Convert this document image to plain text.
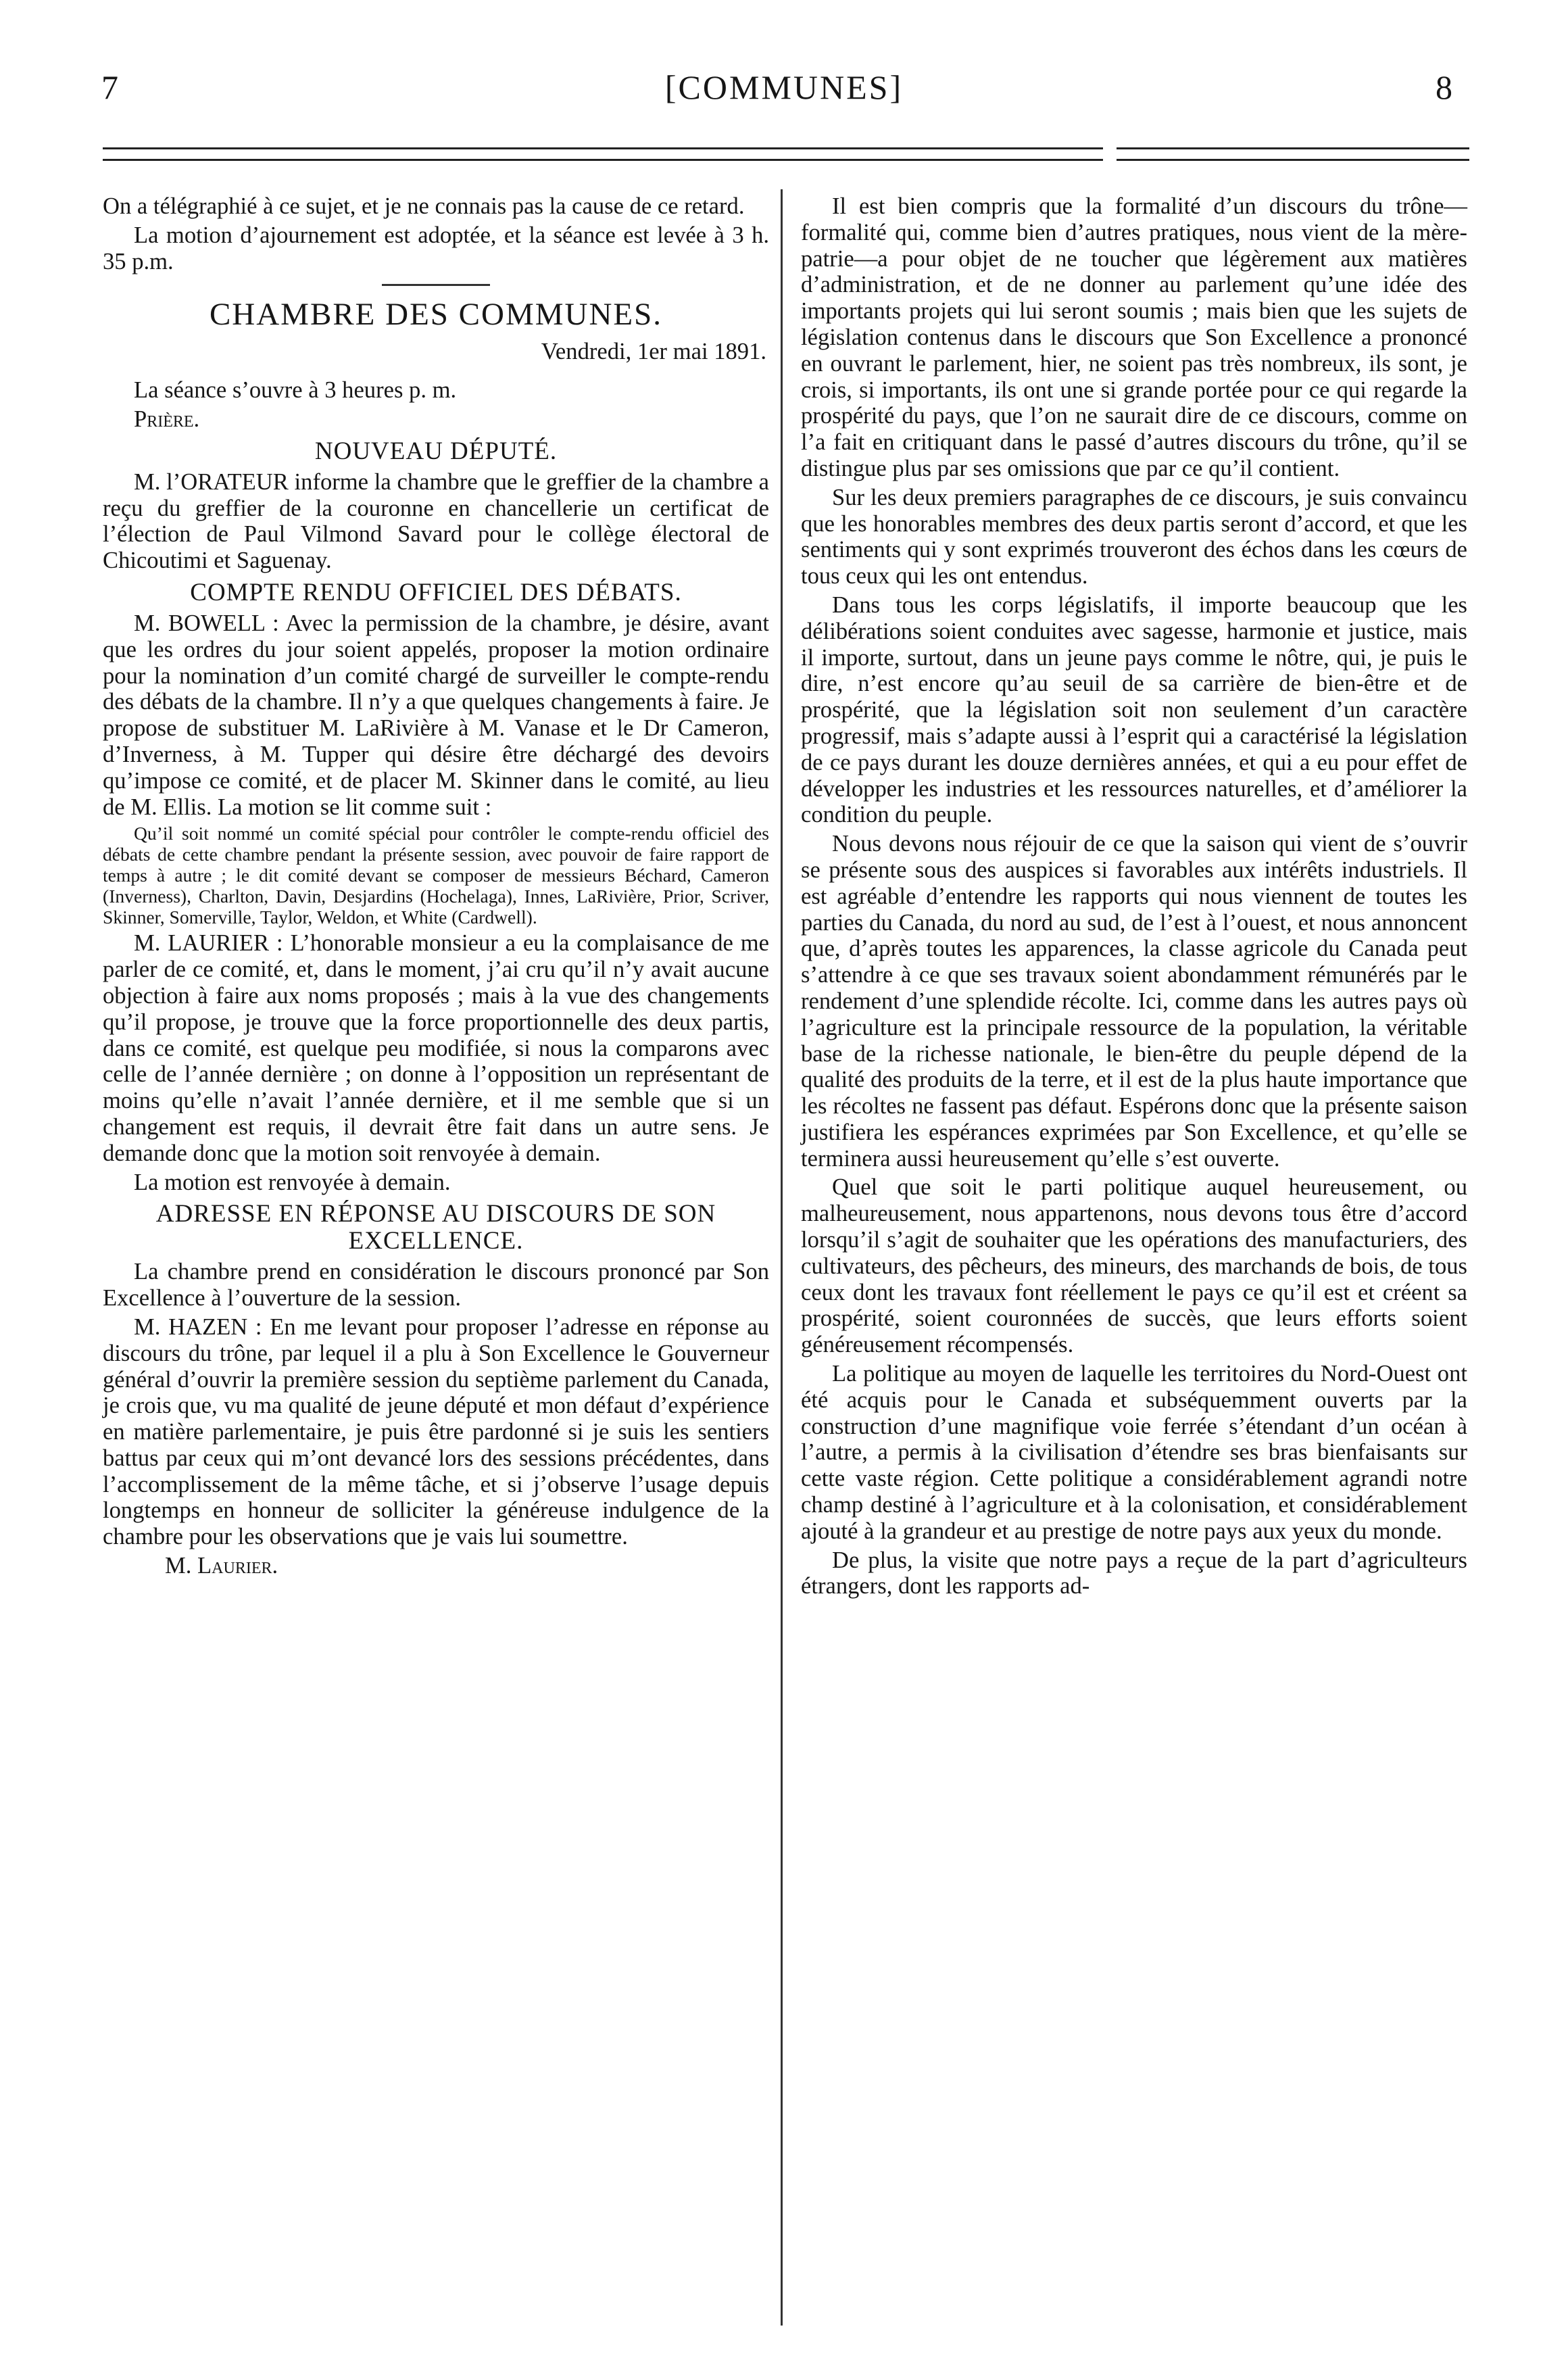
7	[COMMUNES]	8

On a télégraphié à ce sujet, et je ne connais pas la cause de ce retard.

La motion d’ajournement est adoptée, et la séance est levée à 3 h. 35 p.m.

CHAMBRE DES COMMUNES.
Vendredi, 1er mai 1891.

La séance s’ouvre à 3 heures p. m.

Prière.

NOUVEAU DÉPUTÉ.

M. l’ORATEUR informe la chambre que le greffier de la chambre a reçu du greffier de la couronne en chancellerie un certificat de l’élection de Paul Vilmond Savard pour le collège électoral de Chicoutimi et Saguenay.

COMPTE RENDU OFFICIEL DES DÉBATS.

M. BOWELL : Avec la permission de la chambre, je désire, avant que les ordres du jour soient appelés, proposer la motion ordinaire pour la nomination d’un comité chargé de surveiller le compte-rendu des débats de la chambre. Il n’y a que quelques changements à faire. Je propose de substituer M. LaRivière à M. Vanase et le Dr Cameron, d’Inverness, à M. Tupper qui désire être déchargé des devoirs qu’impose ce comité, et de placer M. Skinner dans le comité, au lieu de M. Ellis. La motion se lit comme suit :

Qu’il soit nommé un comité spécial pour contrôler le compte-rendu officiel des débats de cette chambre pendant la présente session, avec pouvoir de faire rapport de temps à autre ; le dit comité devant se composer de messieurs Béchard, Cameron (Inverness), Charlton, Davin, Desjardins (Hochelaga), Innes, LaRivière, Prior, Scriver, Skinner, Somerville, Taylor, Weldon, et White (Cardwell).

M. LAURIER : L’honorable monsieur a eu la complaisance de me parler de ce comité, et, dans le moment, j’ai cru qu’il n’y avait aucune objection à faire aux noms proposés ; mais à la vue des changements qu’il propose, je trouve que la force proportionnelle des deux partis, dans ce comité, est quelque peu modifiée, si nous la comparons avec celle de l’année dernière ; on donne à l’opposition un représentant de moins qu’elle n’avait l’année dernière, et il me semble que si un changement est requis, il devrait être fait dans un autre sens. Je demande donc que la motion soit renvoyée à demain.

La motion est renvoyée à demain.

ADRESSE EN RÉPONSE AU DISCOURS DE SON EXCELLENCE.

La chambre prend en considération le discours prononcé par Son Excellence à l’ouverture de la session.

M. HAZEN : En me levant pour proposer l’adresse en réponse au discours du trône, par lequel il a plu à Son Excellence le Gouverneur général d’ouvrir la première session du septième parlement du Canada, je crois que, vu ma qualité de jeune député et mon défaut d’expérience en matière parlementaire, je puis être pardonné si je suis les sentiers battus par ceux qui m’ont devancé lors des sessions précédentes, dans l’accomplissement de la même tâche, et si j’observe l’usage depuis longtemps en honneur de solliciter la généreuse indulgence de la chambre pour les observations que je vais lui soumettre.

M. Laurier.

Il est bien compris que la formalité d’un discours du trône—formalité qui, comme bien d’autres pratiques, nous vient de la mère-patrie—a pour objet de ne toucher que légèrement aux matières d’administration, et de ne donner au parlement qu’une idée des importants projets qui lui seront soumis ; mais bien que les sujets de législation contenus dans le discours que Son Excellence a prononcé en ouvrant le parlement, hier, ne soient pas très nombreux, ils sont, je crois, si importants, ils ont une si grande portée pour ce qui regarde la prospérité du pays, que l’on ne saurait dire de ce discours, comme on l’a fait en critiquant dans le passé d’autres discours du trône, qu’il se distingue plus par ses omissions que par ce qu’il contient.

Sur les deux premiers paragraphes de ce discours, je suis convaincu que les honorables membres des deux partis seront d’accord, et que les sentiments qui y sont exprimés trouveront des échos dans les cœurs de tous ceux qui les ont entendus.

Dans tous les corps législatifs, il importe beaucoup que les délibérations soient conduites avec sagesse, harmonie et justice, mais il importe, surtout, dans un jeune pays comme le nôtre, qui, je puis le dire, n’est encore qu’au seuil de sa carrière de bien-être et de prospérité, que la législation soit non seulement d’un caractère progressif, mais s’adapte aussi à l’esprit qui a caractérisé la législation de ce pays durant les douze dernières années, et qui a eu pour effet de développer les industries et les ressources naturelles, et d’améliorer la condition du peuple.

Nous devons nous réjouir de ce que la saison qui vient de s’ouvrir se présente sous des auspices si favorables aux intérêts industriels. Il est agréable d’entendre les rapports qui nous viennent de toutes les parties du Canada, du nord au sud, de l’est à l’ouest, et nous annoncent que, d’après toutes les apparences, la classe agricole du Canada peut s’attendre à ce que ses travaux soient abondamment rémunérés par le rendement d’une splendide récolte. Ici, comme dans les autres pays où l’agriculture est la principale ressource de la population, la véritable base de la richesse nationale, le bien-être du peuple dépend de la qualité des produits de la terre, et il est de la plus haute importance que les récoltes ne fassent pas défaut. Espérons donc que la présente saison justifiera les espérances exprimées par Son Excellence, et qu’elle se terminera aussi heureusement qu’elle s’est ouverte.

Quel que soit le parti politique auquel heureusement, ou malheureusement, nous appartenons, nous devons tous être d’accord lorsqu’il s’agit de souhaiter que les opérations des manufacturiers, des cultivateurs, des pêcheurs, des mineurs, des marchands de bois, de tous ceux dont les travaux font réellement le pays ce qu’il est et créent sa prospérité, soient couronnées de succès, que leurs efforts soient généreusement récompensés.

La politique au moyen de laquelle les territoires du Nord-Ouest ont été acquis pour le Canada et subséquemment ouverts par la construction d’une magnifique voie ferrée s’étendant d’un océan à l’autre, a permis à la civilisation d’étendre ses bras bienfaisants sur cette vaste région. Cette politique a considérablement agrandi notre champ destiné à l’agriculture et à la colonisation, et considérablement ajouté à la grandeur et au prestige de notre pays aux yeux du monde.

De plus, la visite que notre pays a reçue de la part d’agriculteurs étrangers, dont les rapports ad-
